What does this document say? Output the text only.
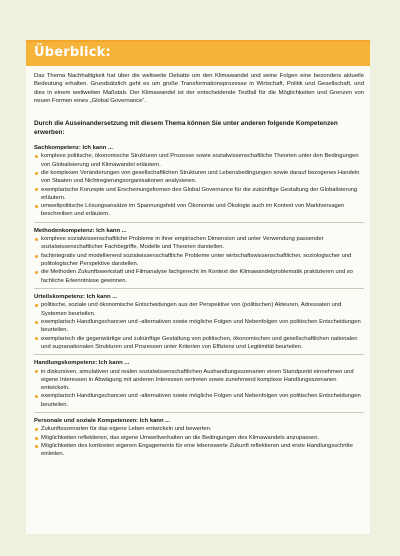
Überblick:
Das Thema Nachhaltigkeit hat über die weltweite Debatte um den Klimawandel und seine Folgen eine besonders aktuelle Bedeutung erhalten. Grundsätzlich geht es um große Transformationsprozesse in Wirtschaft, Politik und Gesellschaft, und dies in einem weltweiten Maßstab. Der Klimawandel ist der entscheidende Testfall für die Möglichkeiten und Grenzen von neuen Formen eines „Global Governance“.
Durch die Auseinandersetzung mit diesem Thema können Sie unter anderen folgende Kompetenzen erwerben:
Sachkompetenz: Ich kann ...
komplexe politische, ökonomische Strukturen und Prozesse sowie sozialwissenschaftliche Theorien unter den Bedingungen von Globalisierung und Klimawandel erläutern.
die komplexen Veränderungen von gesellschaftlichen Strukturen und Lebensbedingungen sowie darauf bezogenes Handeln von Staaten und Nichtregierungsorganisationen analysieren.
exemplarische Konzepte und Erscheinungsformen des Global Governance für die zukünftige Gestaltung der Globalisierung erläutern.
umweltpolitische Lösungsansätze im Spannungsfeld von Ökonomie und Ökologie auch im Kontext von Marktversagen beschreiben und erläutern.
Methodenkompetenz: Ich kann ...
komplexe sozialwissenschaftliche Probleme in ihrer empirischen Dimension und unter Verwendung passender sozialwissenschaftlicher Fachbegriffe, Modelle und Theorien darstellen.
fachintegrativ und modellierend sozialwissenschaftliche Probleme unter wirtschaftswissenschaftlicher, soziologischer und politologischer Perspektive darstellen.
die Methoden Zukunftswerkstatt und Filmanalyse fachgerecht im Kontext der Klimawandelproblematik praktizieren und so fachliche Erkenntnisse gewinnen.
Urteilskompetenz: Ich kann ...
politische, soziale und ökonomische Entscheidungen aus der Perspektive von (politischen) Akteuren, Adressaten und Systemen beurteilen.
exemplarisch Handlungschancen und -alternativen sowie mögliche Folgen und Nebenfolgen von politischen Entscheidungen beurteilen.
exemplarisch die gegenwärtige und zukünftige Gestaltung von politischen, ökonomischen und gesellschaftlichen nationalen und supranationalen Strukturen und Prozessen unter Kriterien von Effizienz und Legitimität beurteilen.
Handlungskompetenz: Ich kann ...
in diskursiven, simulativen und realen sozialwissenschaftlichen Aushandlungsszenarien einen Standpunkt einnehmen und eigene Interessen in Abwägung mit anderen Interessen vertreten sowie zunehmend komplexe Handlungsszenarien entwickeln.
exemplarisch Handlungschancen und -alternativen sowie mögliche Folgen und Nebenfolgen von politischen Entscheidungen beurteilen.
Personale und soziale Kompetenzen: Ich kann ...
Zukunftsszenarien für das eigene Leben entwickeln und bewerten.
Möglichkeiten reflektieren, das eigene Umweltverhalten an die Bedingungen des Klimawandels anzupassen.
Möglichkeiten des konkreten eigenen Engagements für eine lebenswerte Zukunft reflektieren und erste Handlungsschritte einleiten.
